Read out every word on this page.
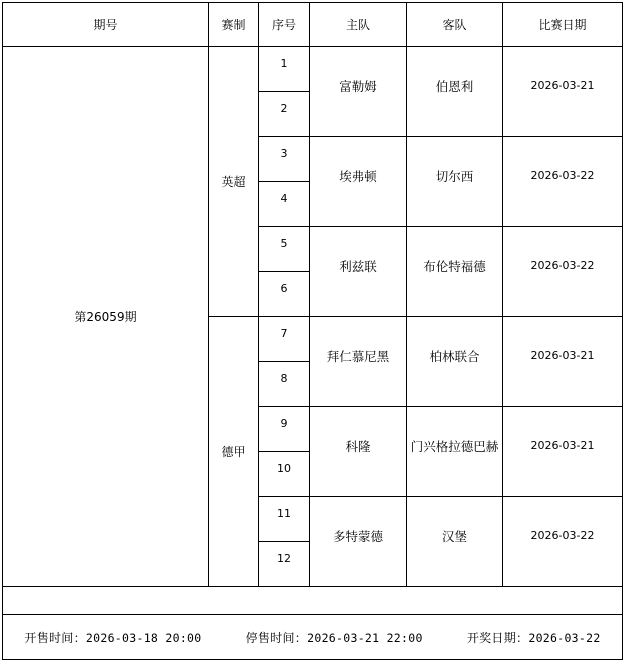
期号	赛制	序号	主队	客队	比赛日期
第26059期	英超	1	富勒姆	伯恩利	2026-03-21
		2			
		3	埃弗顿	切尔西	2026-03-22
		4			
		5	利兹联	布伦特福德	2026-03-22
		6			
	德甲	7	拜仁慕尼黑	柏林联合	2026-03-21
		8			
		9	科隆	门兴格拉德巴赫	2026-03-21
		10			
		11	多特蒙德	汉堡	2026-03-22
		12			

开售时间：2026-03-18 20:00 停售时间：2026-03-21 22:00 开奖日期：2026-03-22					
